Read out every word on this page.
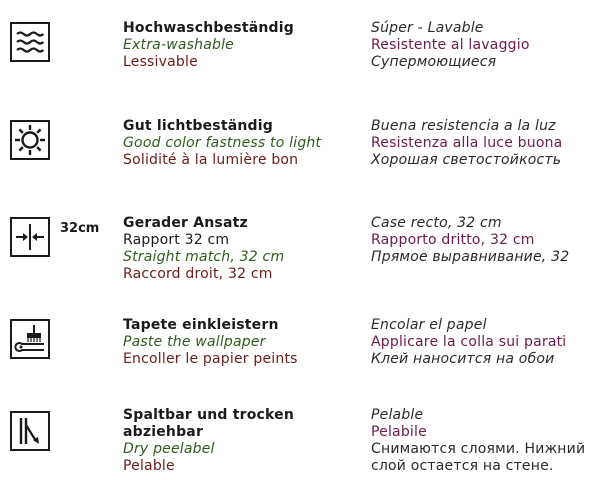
Hochwaschbeständig
Extra-washable
Lessivable
Súper - Lavable
Resistente al lavaggio
Супермоющиеся
Gut lichtbeständig
Good color fastness to light
Solidité à la lumière bon
Buena resistencia a la luz
Resistenza alla luce buona
Хорошая светостойкость
32cm Gerader Ansatz
Rapport 32 cm
Straight match, 32 cm
Raccord droit, 32 cm
Case recto, 32 cm
Rapporto dritto, 32 cm
Прямое выравнивание, 32
Tapete einkleistern
Paste the wallpaper
Encoller le papier peints
Encolar el papel
Applicare la colla sui parati
Клей наносится на обои
Spaltbar und trocken
abziehbar
Dry peelabel
Pelable
Pelable
Pelabile
Снимаются слоями. Нижний
слой остается на стене.
